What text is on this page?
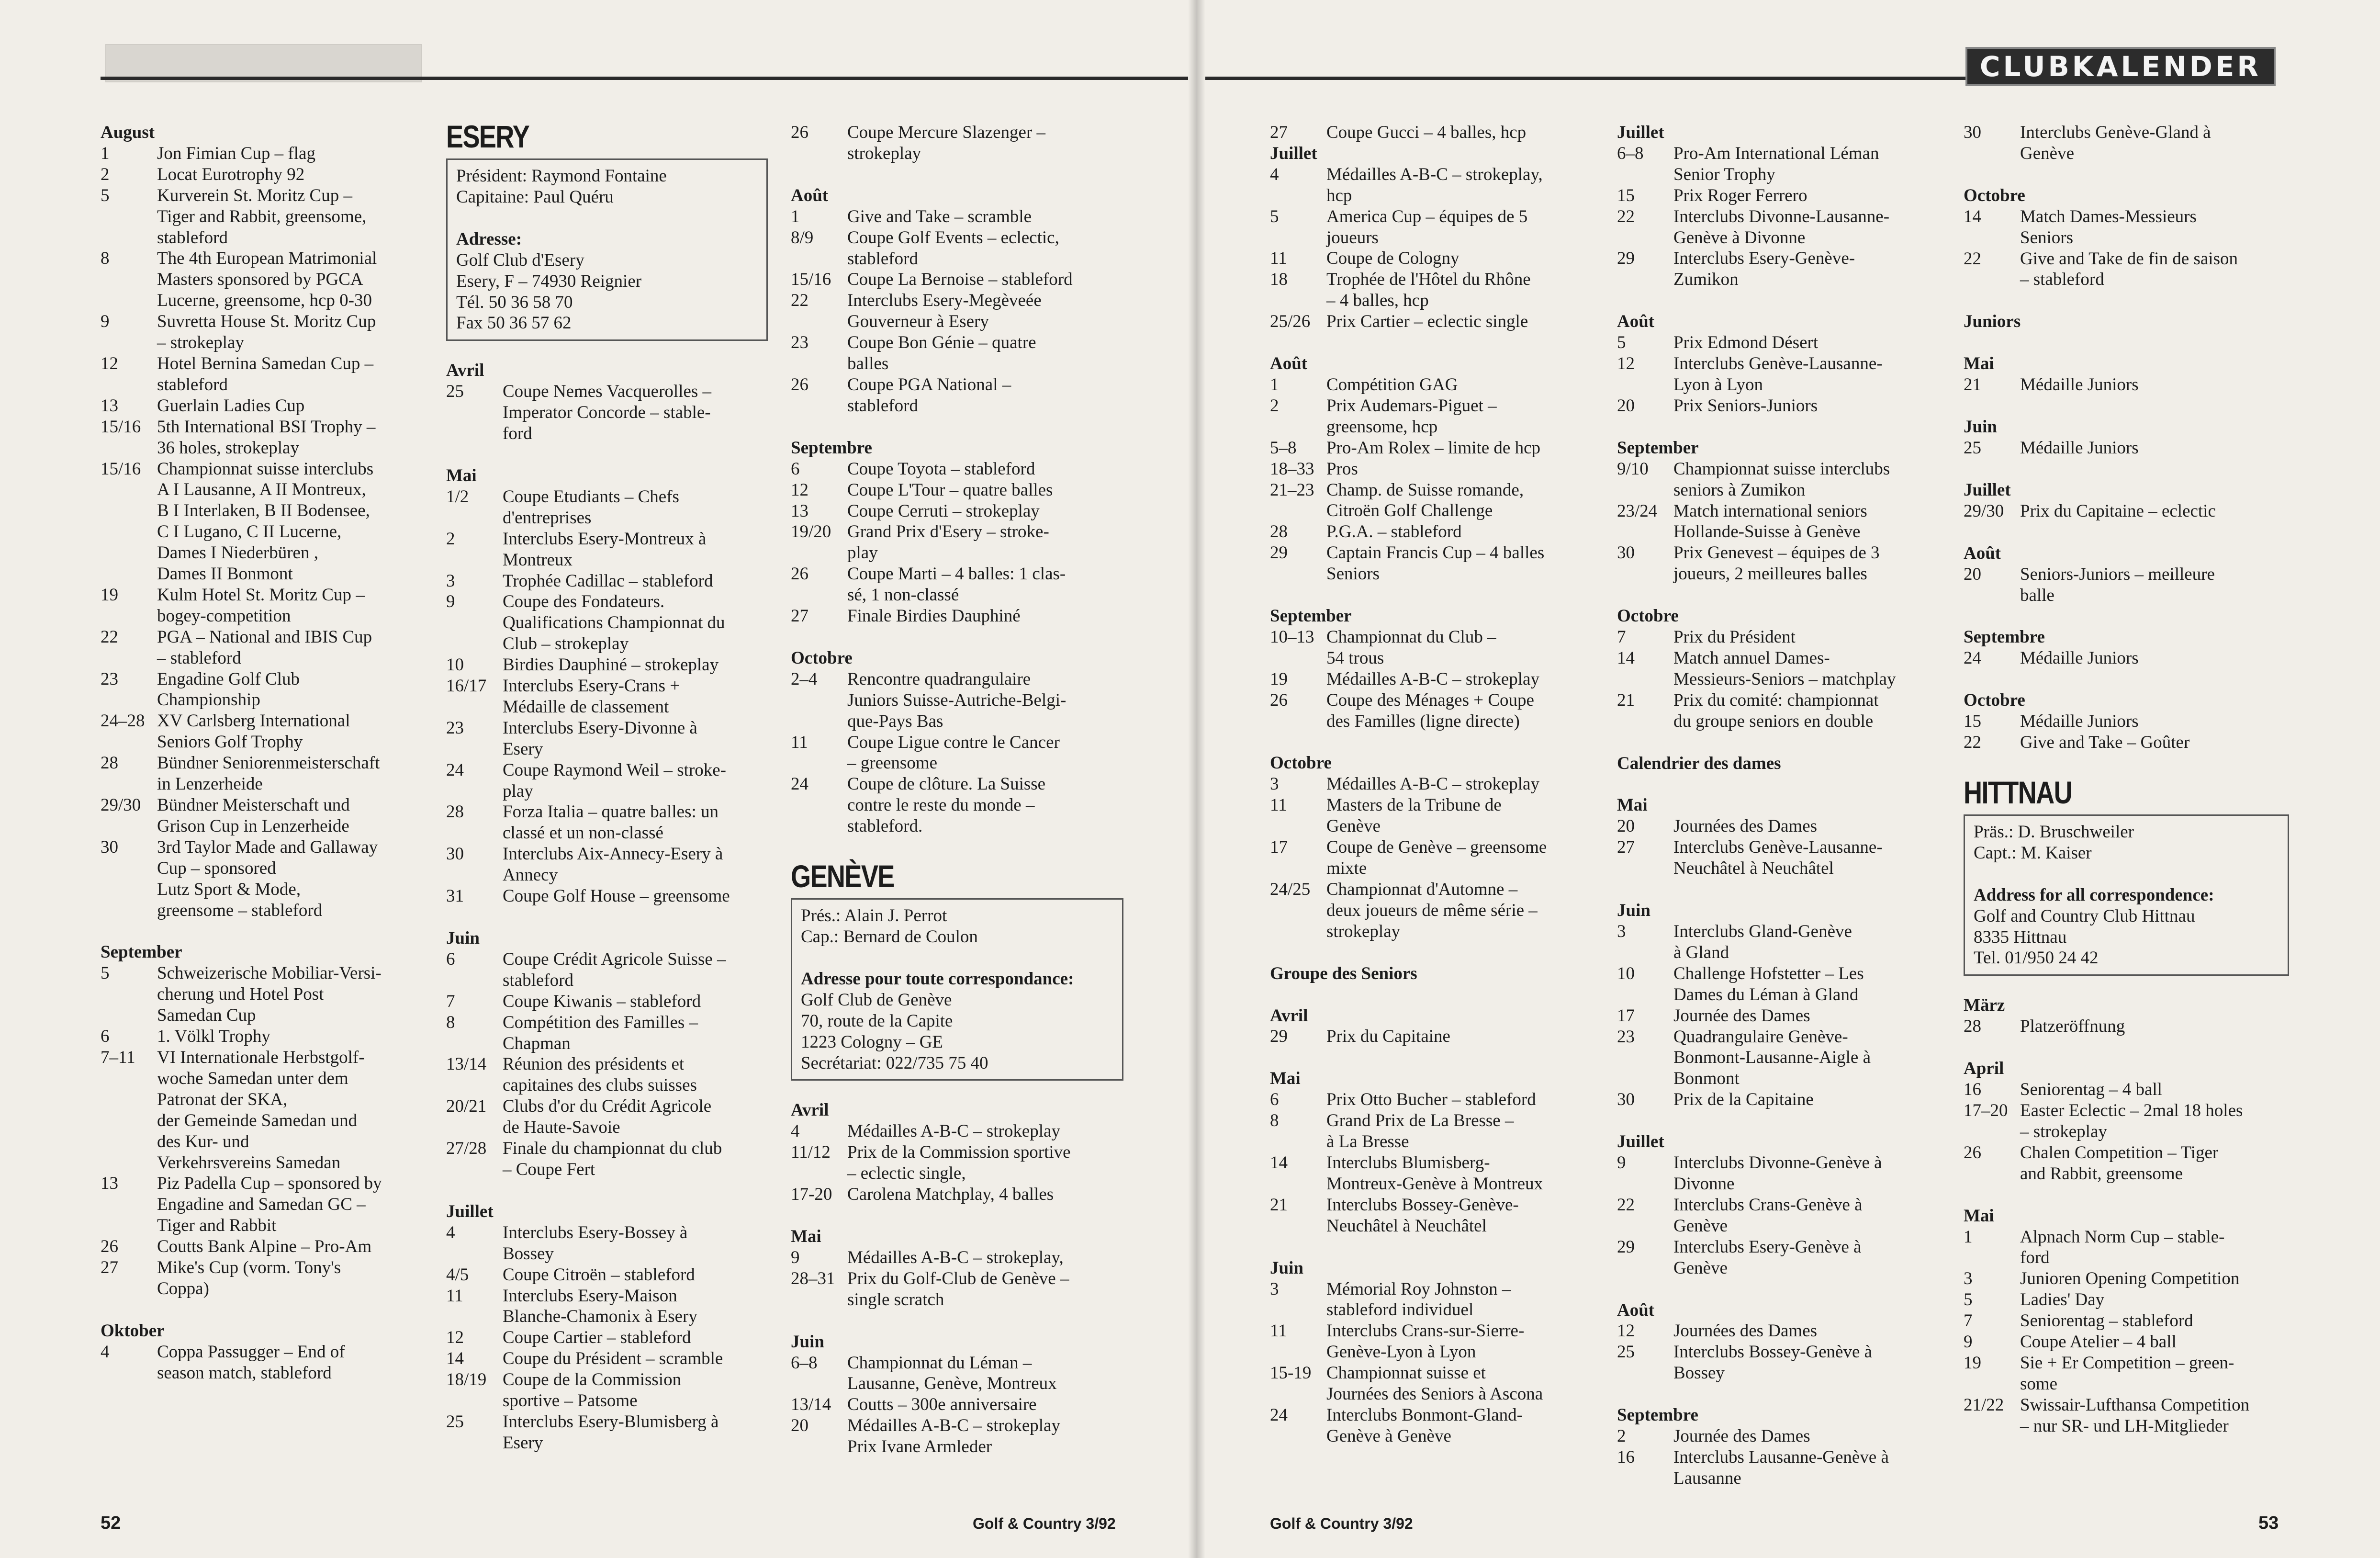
CLUBKALENDER
August
1	Jon Fimian Cup – flag
2	Locat Eurotrophy 92
5	Kurverein St. Moritz Cup –
Tiger and Rabbit, greensome,
stableford
8	The 4th European Matrimonial
Masters sponsored by PGCA
Lucerne, greensome, hcp 0-30
9	Suvretta House St. Moritz Cup
– strokeplay
12	Hotel Bernina Samedan Cup –
stableford
13	Guerlain Ladies Cup
15/16 5th International BSI Trophy –
36 holes, strokeplay
15/16 Championnat suisse interclubs
A I Lausanne, A II Montreux,
B I Interlaken, B II Bodensee,
C I Lugano, C II Lucerne,
Dames I Niederbüren ,
Dames II Bonmont
19	Kulm Hotel St. Moritz Cup –
bogey-competition
22	PGA – National and IBIS Cup
– stableford
23	Engadine Golf Club
Championship
24–28 XV Carlsberg International
Seniors Golf Trophy
28	Bündner Seniorenmeisterschaft
in Lenzerheide
29/30 Bündner Meisterschaft und
Grison Cup in Lenzerheide
30	3rd Taylor Made and Gallaway
Cup – sponsored
Lutz Sport & Mode,
greensome – stableford
September
5	Schweizerische Mobiliar-Versi-
cherung und Hotel Post
Samedan Cup
6	1. Völkl Trophy
7–11	VI Internationale Herbstgolf-
woche Samedan unter dem
Patronat der SKA,
der Gemeinde Samedan und
des Kur- und
Verkehrsvereins Samedan
13	Piz Padella Cup – sponsored by
Engadine and Samedan GC –
Tiger and Rabbit
26	Coutts Bank Alpine – Pro-Am
27	Mike's Cup (vorm. Tony's
Coppa)
Oktober
4	Coppa Passugger – End of
season match, stableford
ESERY
Président: Raymond Fontaine
Capitaine: Paul Quéru
Adresse:
Golf Club d'Esery
Esery, F – 74930 Reignier
Tél. 50 36 58 70
Fax 50 36 57 62
Avril
25	Coupe Nemes Vacquerolles –
Imperator Concorde – stable-
ford
Mai
1/2	Coupe Etudiants – Chefs
d'entreprises
2	Interclubs Esery-Montreux à
Montreux
3	Trophée Cadillac – stableford
9	Coupe des Fondateurs.
Qualifications Championnat du
Club – strokeplay
10	Birdies Dauphiné – strokeplay
16/17 Interclubs Esery-Crans +
Médaille de classement
23	Interclubs Esery-Divonne à
Esery
24	Coupe Raymond Weil – stroke-
play
28	Forza Italia – quatre balles: un
classé et un non-classé
30	Interclubs Aix-Annecy-Esery à
Annecy
31	Coupe Golf House – greensome
Juin
6	Coupe Crédit Agricole Suisse –
stableford
7	Coupe Kiwanis – stableford
8	Compétition des Familles –
Chapman
13/14 Réunion des présidents et
capitaines des clubs suisses
20/21 Clubs d'or du Crédit Agricole
de Haute-Savoie
27/28 Finale du championnat du club
– Coupe Fert
Juillet
4	Interclubs Esery-Bossey à
Bossey
4/5	Coupe Citroën – stableford
11	Interclubs Esery-Maison
Blanche-Chamonix à Esery
12	Coupe Cartier – stableford
14	Coupe du Président – scramble
18/19 Coupe de la Commission
sportive – Patsome
25	Interclubs Esery-Blumisberg à
Esery
26	Coupe Mercure Slazenger –
strokeplay
Août
1	Give and Take – scramble
8/9	Coupe Golf Events – eclectic,
stableford
15/16 Coupe La Bernoise – stableford
22	Interclubs Esery-Megèveée
Gouverneur à Esery
23	Coupe Bon Génie – quatre
balles
26	Coupe PGA National –
stableford
Septembre
6	Coupe Toyota – stableford
12	Coupe L'Tour – quatre balles
13	Coupe Cerruti – strokeplay
19/20 Grand Prix d'Esery – stroke-
play
26	Coupe Marti – 4 balles: 1 clas-
sé, 1 non-classé
27	Finale Birdies Dauphiné
Octobre
2–4	Rencontre quadrangulaire
Juniors Suisse-Autriche-Belgi-
que-Pays Bas
11	Coupe Ligue contre le Cancer
– greensome
24	Coupe de clôture. La Suisse
contre le reste du monde –
stableford.
GENÈVE
Prés.: Alain J. Perrot
Cap.: Bernard de Coulon
Adresse pour toute correspondance:
Golf Club de Genève
70, route de la Capite
1223 Cologny – GE
Secrétariat: 022/735 75 40
Avril
4	Médailles A-B-C – strokeplay
11/12 Prix de la Commission sportive
– eclectic single,
17-20 Carolena Matchplay, 4 balles
Mai
9	Médailles A-B-C – strokeplay,
28–31 Prix du Golf-Club de Genève –
single scratch
Juin
6–8	Championnat du Léman –
Lausanne, Genève, Montreux
13/14 Coutts – 300e anniversaire
20	Médailles A-B-C – strokeplay
Prix Ivane Armleder
27	Coupe Gucci – 4 balles, hcp
Juillet
4	Médailles A-B-C – strokeplay,
hcp
5	America Cup – équipes de 5
joueurs
11	Coupe de Cologny
18	Trophée de l'Hôtel du Rhône
– 4 balles, hcp
25/26 Prix Cartier – eclectic single
Août
1	Compétition GAG
2	Prix Audemars-Piguet –
greensome, hcp
5–8	Pro-Am Rolex – limite de hcp
18–33 Pros
21–23 Champ. de Suisse romande,
Citroën Golf Challenge
28	P.G.A. – stableford
29	Captain Francis Cup – 4 balles
Seniors
September
10–13 Championnat du Club –
54 trous
19	Médailles A-B-C – strokeplay
26	Coupe des Ménages + Coupe
des Familles (ligne directe)
Octobre
3	Médailles A-B-C – strokeplay
11	Masters de la Tribune de
Genève
17	Coupe de Genève – greensome
mixte
24/25 Championnat d'Automne –
deux joueurs de même série –
strokeplay
Groupe des Seniors
Avril
29	Prix du Capitaine
Mai
6	Prix Otto Bucher – stableford
8	Grand Prix de La Bresse –
à La Bresse
14	Interclubs Blumisberg-
Montreux-Genève à Montreux
21	Interclubs Bossey-Genève-
Neuchâtel à Neuchâtel
Juin
3	Mémorial Roy Johnston –
stableford individuel
11	Interclubs Crans-sur-Sierre-
Genève-Lyon à Lyon
15-19 Championnat suisse et
Journées des Seniors à Ascona
24	Interclubs Bonmont-Gland-
Genève à Genève
Juillet
6–8	Pro-Am International Léman
Senior Trophy
15	Prix Roger Ferrero
22	Interclubs Divonne-Lausanne-
Genève à Divonne
29	Interclubs Esery-Genève-
Zumikon
Août
5	Prix Edmond Désert
12	Interclubs Genève-Lausanne-
Lyon à Lyon
20	Prix Seniors-Juniors
September
9/10	Championnat suisse interclubs
seniors à Zumikon
23/24 Match international seniors
Hollande-Suisse à Genève
30	Prix Genevest – équipes de 3
joueurs, 2 meilleures balles
Octobre
7	Prix du Président
14	Match annuel Dames-
Messieurs-Seniors – matchplay
21	Prix du comité: championnat
du groupe seniors en double
Calendrier des dames
Mai
20	Journées des Dames
27	Interclubs Genève-Lausanne-
Neuchâtel à Neuchâtel
Juin
3	Interclubs Gland-Genève
à Gland
10	Challenge Hofstetter – Les
Dames du Léman à Gland
17	Journée des Dames
23	Quadrangulaire Genève-
Bonmont-Lausanne-Aigle à
Bonmont
30	Prix de la Capitaine
Juillet
9	Interclubs Divonne-Genève à
Divonne
22	Interclubs Crans-Genève à
Genève
29	Interclubs Esery-Genève à
Genève
Août
12	Journées des Dames
25	Interclubs Bossey-Genève à
Bossey
Septembre
2	Journée des Dames
16	Interclubs Lausanne-Genève à
Lausanne
30	Interclubs Genève-Gland à
Genève
Octobre
14	Match Dames-Messieurs
Seniors
22	Give and Take de fin de saison
– stableford
Juniors
Mai
21	Médaille Juniors
Juin
25	Médaille Juniors
Juillet
29/30 Prix du Capitaine – eclectic
Août
20	Seniors-Juniors – meilleure
balle
Septembre
24	Médaille Juniors
Octobre
15	Médaille Juniors
22	Give and Take – Goûter
HITTNAU
Präs.: D. Bruschweiler
Capt.: M. Kaiser
Address for all correspondence:
Golf and Country Club Hittnau
8335 Hittnau
Tel. 01/950 24 42
März
28	Platzeröffnung
April
16	Seniorentag – 4 ball
17–20 Easter Eclectic – 2mal 18 holes
– strokeplay
26	Chalen Competition – Tiger
and Rabbit, greensome
Mai
1	Alpnach Norm Cup – stable-
ford
3	Junioren Opening Competition
5	Ladies' Day
7	Seniorentag – stableford
9	Coupe Atelier – 4 ball
19	Sie + Er Competition – green-
some
21/22 Swissair-Lufthansa Competition
– nur SR- und LH-Mitglieder
52	Golf & Country 3/92	Golf & Country 3/92	53
